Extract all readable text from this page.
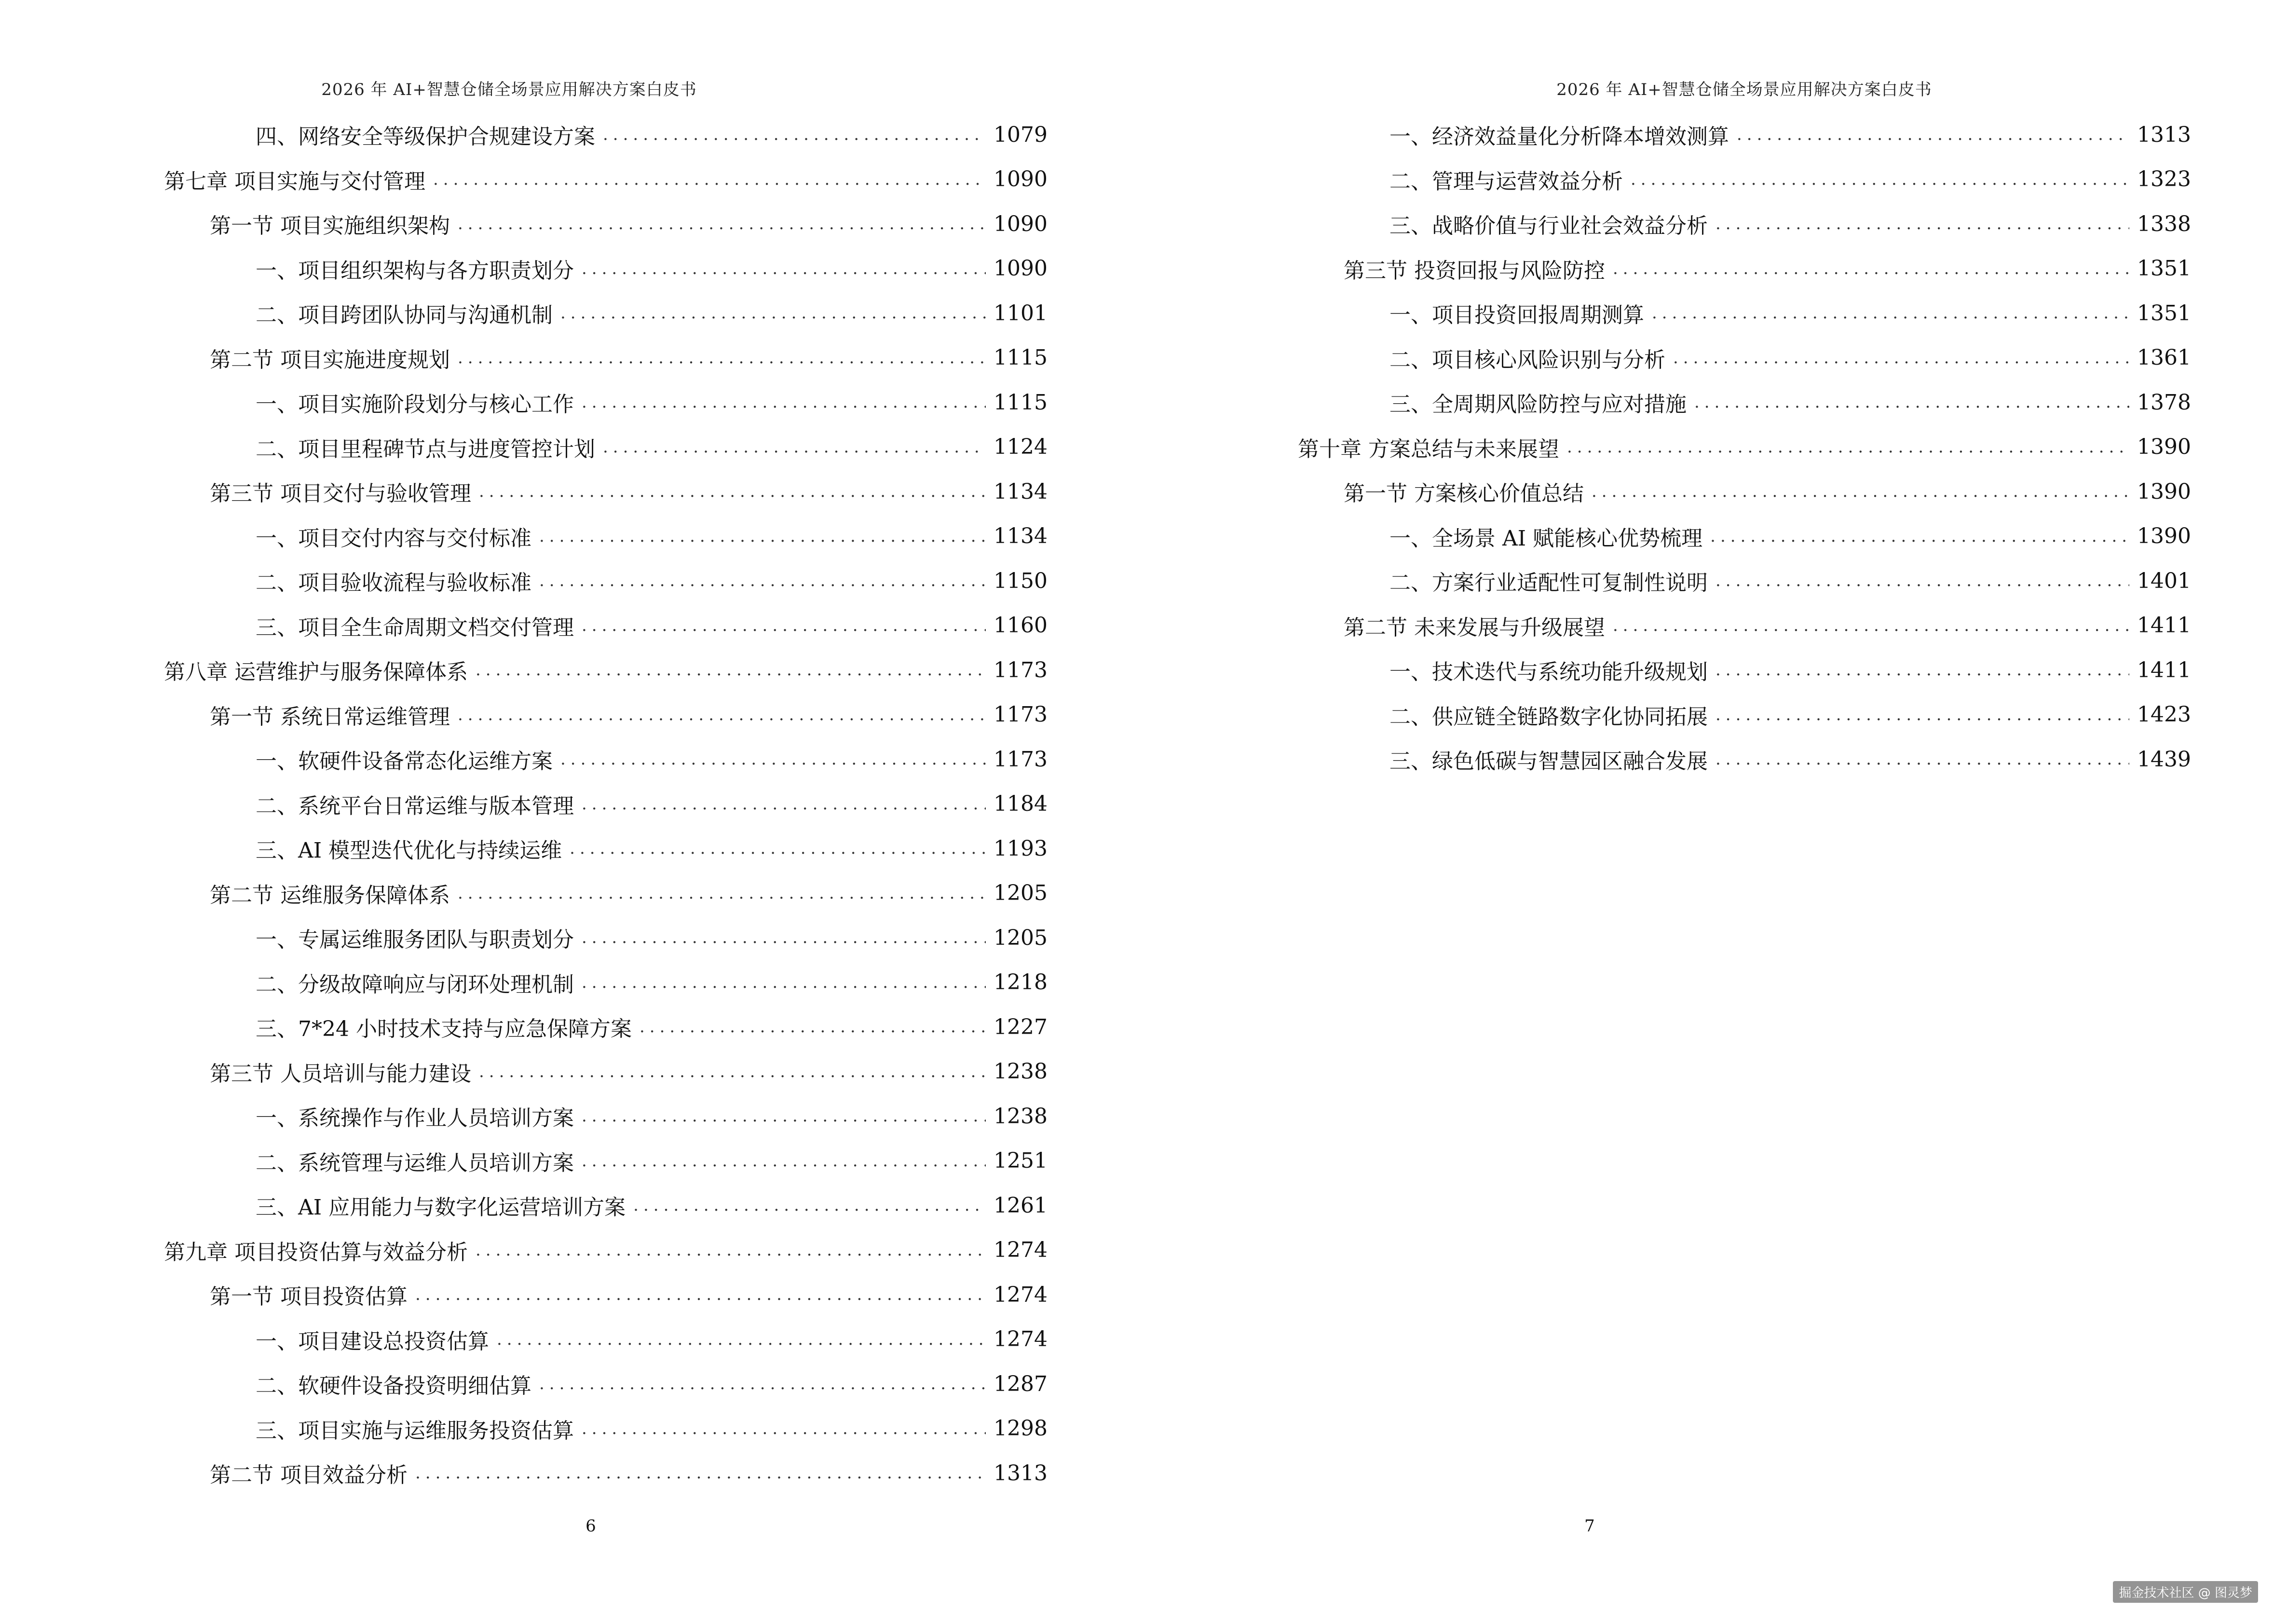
2026 年 AI+智慧仓储全场景应用解决方案白皮书
四、网络安全等级保护合规建设方案 .....	1079
第七章 项目实施与交付管理 .....	1090
第一节 项目实施组织架构 .....	1090
一、项目组织架构与各方职责划分 .....	1090
二、项目跨团队协同与沟通机制 .....	1101
第二节 项目实施进度规划 .....	1115
一、项目实施阶段划分与核心工作 .....	1115
二、项目里程碑节点与进度管控计划 .....	1124
第三节 项目交付与验收管理 .....	1134
一、项目交付内容与交付标准 .....	1134
二、项目验收流程与验收标准 .....	1150
三、项目全生命周期文档交付管理 .....	1160
第八章 运营维护与服务保障体系 .....	1173
第一节 系统日常运维管理 .....	1173
一、软硬件设备常态化运维方案 .....	1173
二、系统平台日常运维与版本管理 .....	1184
三、AI 模型迭代优化与持续运维 .....	1193
第二节 运维服务保障体系 .....	1205
一、专属运维服务团队与职责划分 .....	1205
二、分级故障响应与闭环处理机制 .....	1218
三、7*24 小时技术支持与应急保障方案 .....	1227
第三节 人员培训与能力建设 .....	1238
一、系统操作与作业人员培训方案 .....	1238
二、系统管理与运维人员培训方案 .....	1251
三、AI 应用能力与数字化运营培训方案 .....	1261
第九章 项目投资估算与效益分析 .....	1274
第一节 项目投资估算 .....	1274
一、项目建设总投资估算 .....	1274
二、软硬件设备投资明细估算 .....	1287
三、项目实施与运维服务投资估算 .....	1298
第二节 项目效益分析 .....	1313
6
2026 年 AI+智慧仓储全场景应用解决方案白皮书
一、经济效益量化分析降本增效测算 .....	1313
二、管理与运营效益分析 .....	1323
三、战略价值与行业社会效益分析 .....	1338
第三节 投资回报与风险防控 .....	1351
一、项目投资回报周期测算 .....	1351
二、项目核心风险识别与分析 .....	1361
三、全周期风险防控与应对措施 .....	1378
第十章 方案总结与未来展望 .....	1390
第一节 方案核心价值总结 .....	1390
一、全场景 AI 赋能核心优势梳理 .....	1390
二、方案行业适配性可复制性说明 .....	1401
第二节 未来发展与升级展望 .....	1411
一、技术迭代与系统功能升级规划 .....	1411
二、供应链全链路数字化协同拓展 .....	1423
三、绿色低碳与智慧园区融合发展 .....	1439
7
掘金技术社区 @ 图灵梦
